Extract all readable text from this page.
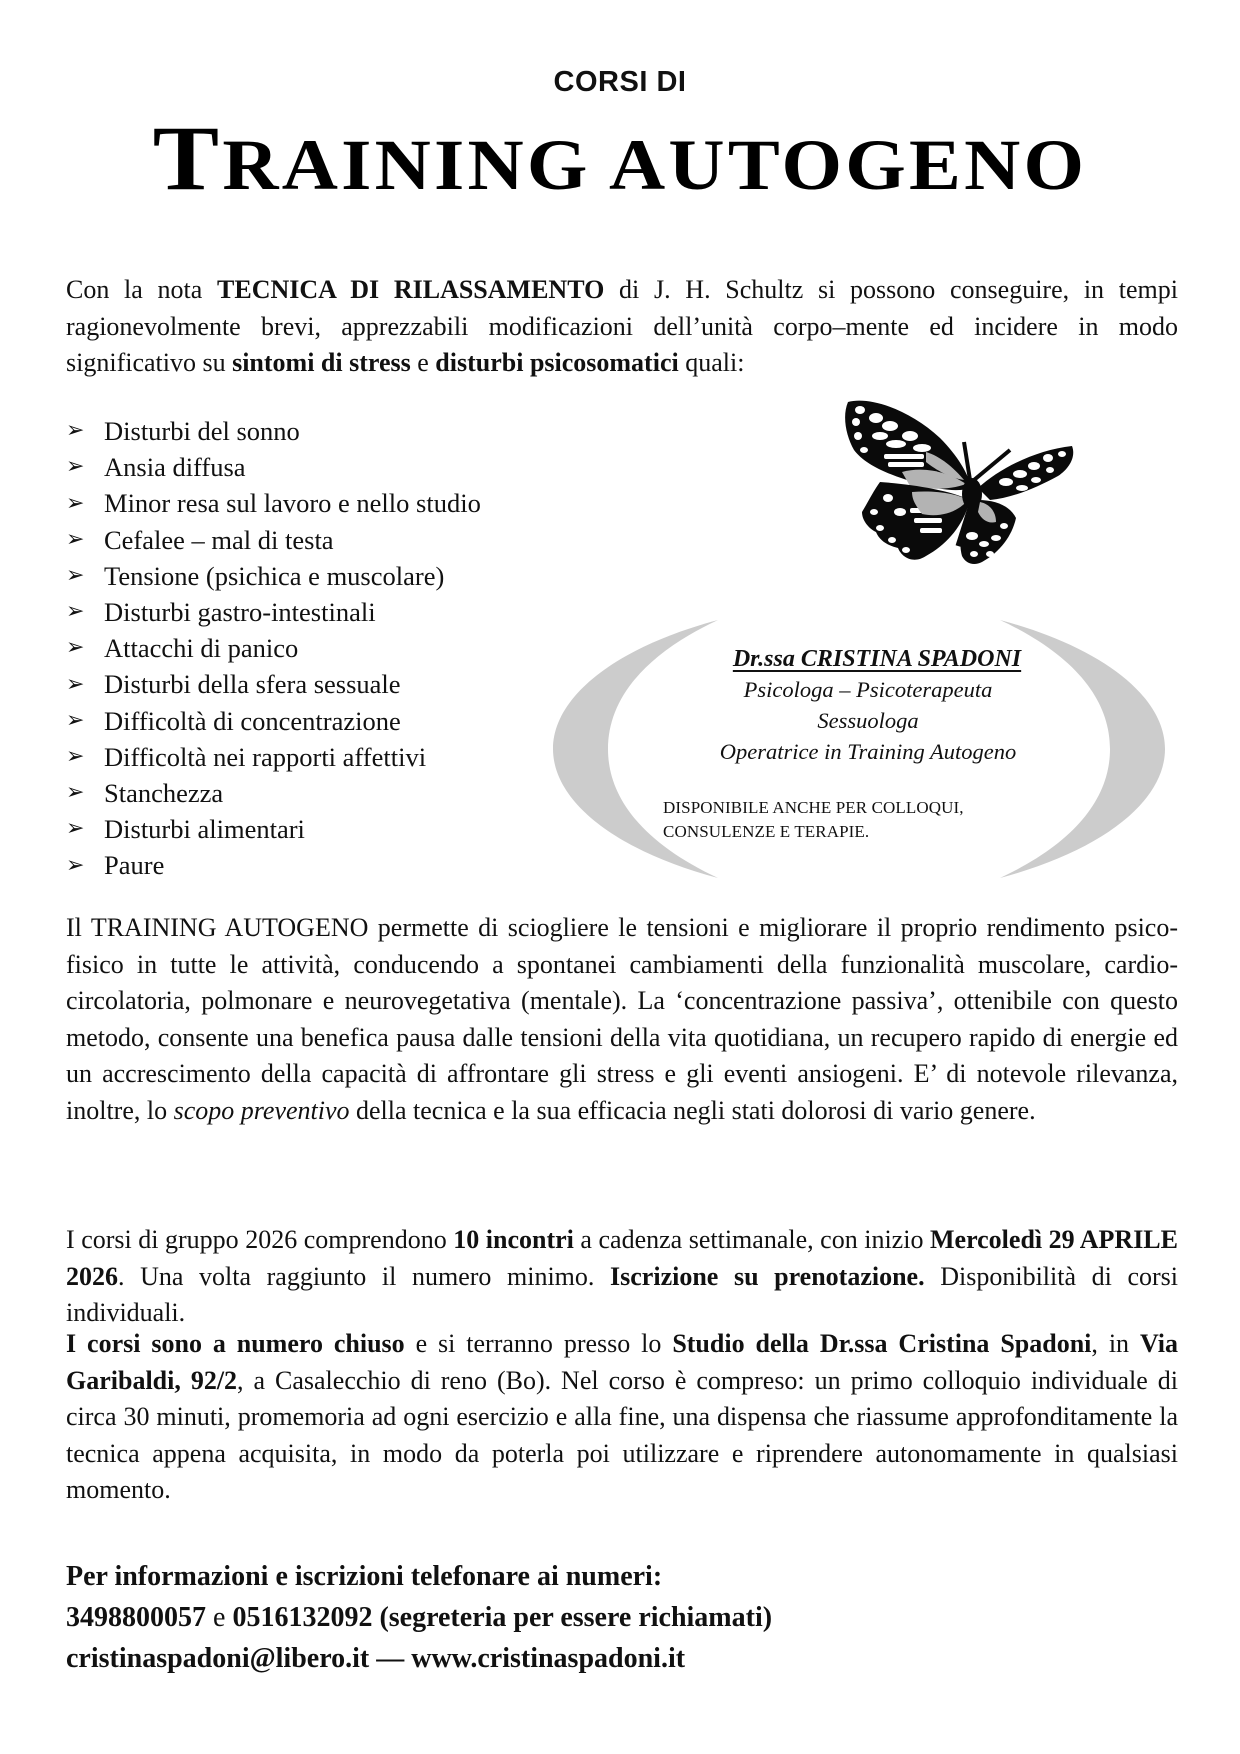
CORSI DI
TRAINING AUTOGENO

Con la nota TECNICA DI RILASSAMENTO di J. H. Schultz si possono conseguire, in tempi ragionevolmente brevi, apprezzabili modificazioni dell’unità corpo–mente ed incidere in modo significativo su sintomi di stress e disturbi psicosomatici quali:

➢ Disturbi del sonno
➢ Ansia diffusa
➢ Minor resa sul lavoro e nello studio
➢ Cefalee – mal di testa
➢ Tensione (psichica e muscolare)
➢ Disturbi gastro-intestinali
➢ Attacchi di panico
➢ Disturbi della sfera sessuale
➢ Difficoltà di concentrazione
➢ Difficoltà nei rapporti affettivi
➢ Stanchezza
➢ Disturbi alimentari
➢ Paure
Dr.ssa CRISTINA SPADONI
Psicologa – Psicoterapeuta
Sessuologa
Operatrice in Training Autogeno
DISPONIBILE ANCHE PER COLLOQUI,
CONSULENZE E TERAPIE.

Il TRAINING AUTOGENO permette di sciogliere le tensioni e migliorare il proprio rendimento psico-fisico in tutte le attività, conducendo a spontanei cambiamenti della funzionalità muscolare, cardio-circolatoria, polmonare e neurovegetativa (mentale). La ‘concentrazione passiva’, ottenibile con questo metodo, consente una benefica pausa dalle tensioni della vita quotidiana, un recupero rapido di energie ed un accrescimento della capacità di affrontare gli stress e gli eventi ansiogeni. E’ di notevole rilevanza, inoltre, lo scopo preventivo della tecnica e la sua efficacia negli stati dolorosi di vario genere.

I corsi di gruppo 2026 comprendono 10 incontri a cadenza settimanale, con inizio Mercoledì 29 APRILE 2026. Una volta raggiunto il numero minimo. Iscrizione su prenotazione. Disponibilità di corsi individuali.

I corsi sono a numero chiuso e si terranno presso lo Studio della Dr.ssa Cristina Spadoni, in Via Garibaldi, 92/2, a Casalecchio di reno (Bo). Nel corso è compreso: un primo colloquio individuale di circa 30 minuti, promemoria ad ogni esercizio e alla fine, una dispensa che riassume approfonditamente la tecnica appena acquisita, in modo da poterla poi utilizzare e riprendere autonomamente in qualsiasi momento.

Per informazioni e iscrizioni telefonare ai numeri:
3498800057 e 0516132092 (segreteria per essere richiamati)
cristinaspadoni@libero.it — www.cristinaspadoni.it
